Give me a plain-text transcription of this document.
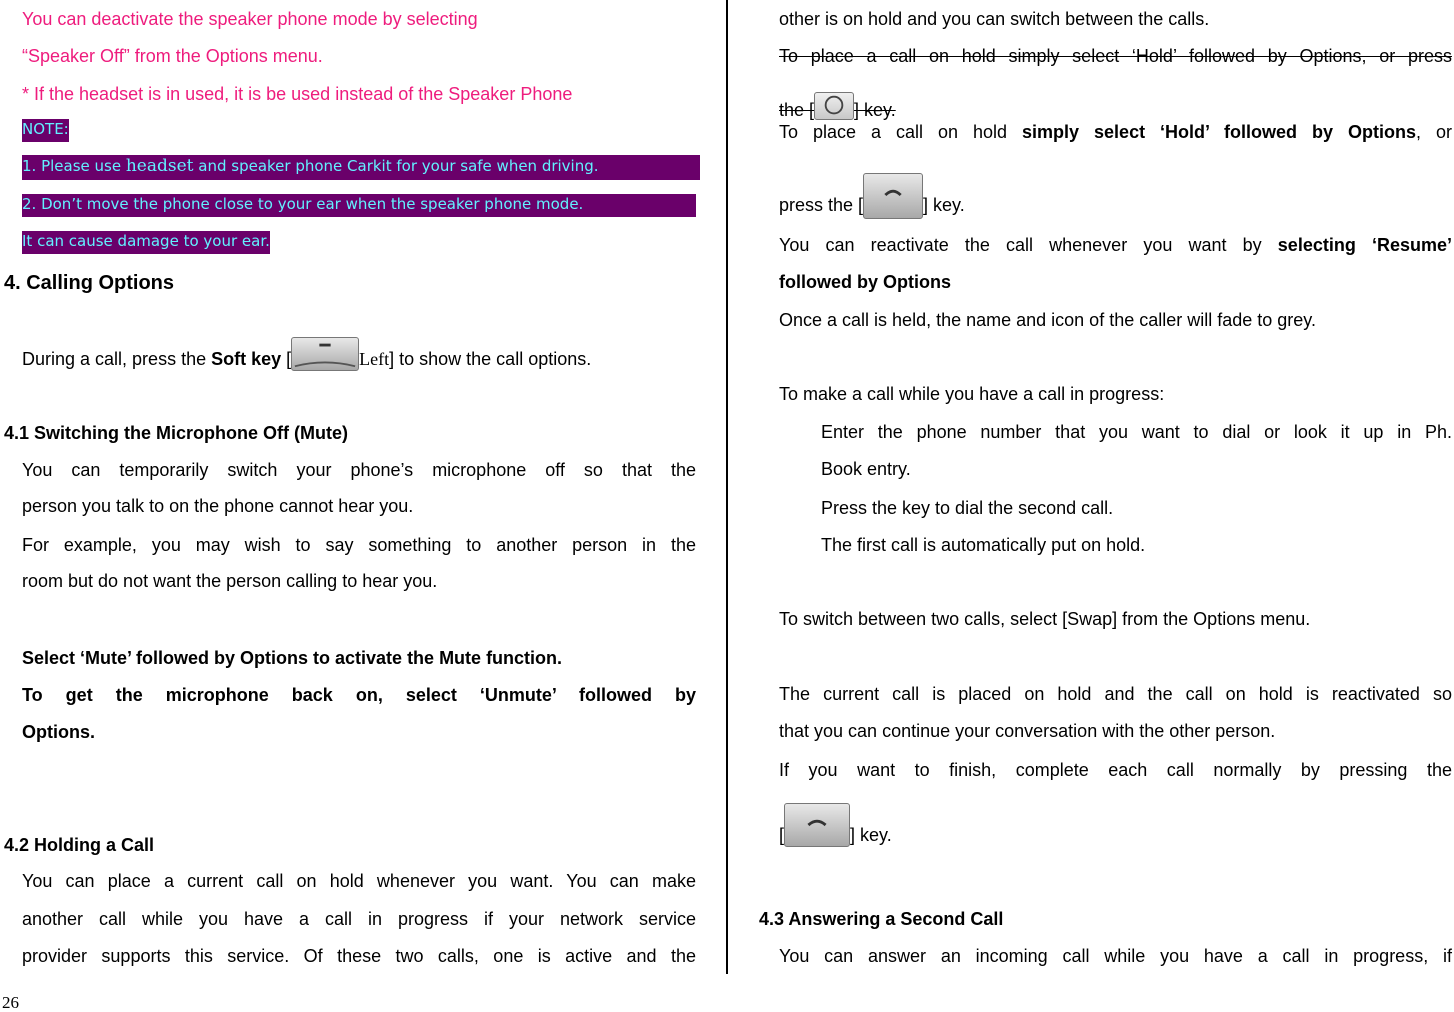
You can deactivate the speaker phone mode by selecting
“Speaker Off” from the Options menu.
* If the headset is in used, it is be used instead of the Speaker Phone
NOTE:
1. Please use headset and speaker phone Carkit for your safe when driving.
2. Don’t move the phone close to your ear when the speaker phone mode.
It can cause damage to your ear.
4. Calling Options
During a call, press the Soft key [	Left] to show the call options.
4.1 Switching the Microphone Off (Mute)
You can temporarily switch your phone’s microphone off so that the
person you talk to on the phone cannot hear you.
For example, you may wish to say something to another person in the
room but do not want the person calling to hear you.
Select ‘Mute’ followed by Options to activate the Mute function.
To get the microphone back on, select ‘Unmute’ followed by
Options.
4.2 Holding a Call
You can place a current call on hold whenever you want. You can make
another call while you have a call in progress if your network service
provider supports this service. Of these two calls, one is active and the
26
other is on hold and you can switch between the calls.
To place a call on hold simply select ‘Hold’ followed by Options, or press
the [ ] key.
To place a call on hold simply select ‘Hold’ followed by Options, or
press the [	] key.
You can reactivate the call whenever you want by selecting ‘Resume’
followed by Options
Once a call is held, the name and icon of the caller will fade to grey.
To make a call while you have a call in progress:
Enter the phone number that you want to dial or look it up in Ph.
Book entry.
Press the key to dial the second call.
The first call is automatically put on hold.
To switch between two calls, select [Swap] from the Options menu.
The current call is placed on hold and the call on hold is reactivated so
that you can continue your conversation with the other person.
If you want to finish, complete each call normally by pressing the
[	] key.
4.3 Answering a Second Call
You can answer an incoming call while you have a call in progress, if
